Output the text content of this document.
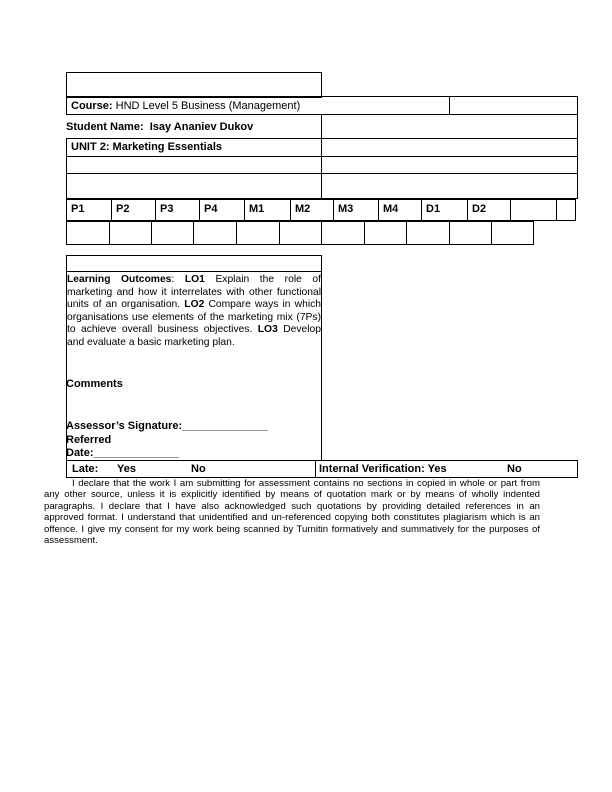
Course: HND Level 5 Business (Management)
Student Name: Isay Ananiev Dukov
UNIT 2: Marketing Essentials
P1	P2	P3	P4	M1	M2	M3	M4	D1	D2
Learning Outcomes: LO1 Explain the role of marketing and how it interrelates with other functional units of an organisation. LO2 Compare ways in which organisations use elements of the marketing mix (7Ps) to achieve overall business objectives. LO3 Develop and evaluate a basic marketing plan.
Comments
Assessor’s Signature:______________
Referred
Date:______________
Late: Yes	No	Internal Verification: Yes	No
I declare that the work I am submitting for assessment contains no sections in copied in whole or part from any other source, unless it is explicitly identified by means of quotation mark or by means of wholly indented paragraphs. I declare that I have also acknowledged such quotations by providing detailed references in an approved format. I understand that unidentified and un-referenced copying both constitutes plagiarism which is an offence. I give my consent for my work being scanned by Turnitin formatively and summatively for the purposes of assessment.
